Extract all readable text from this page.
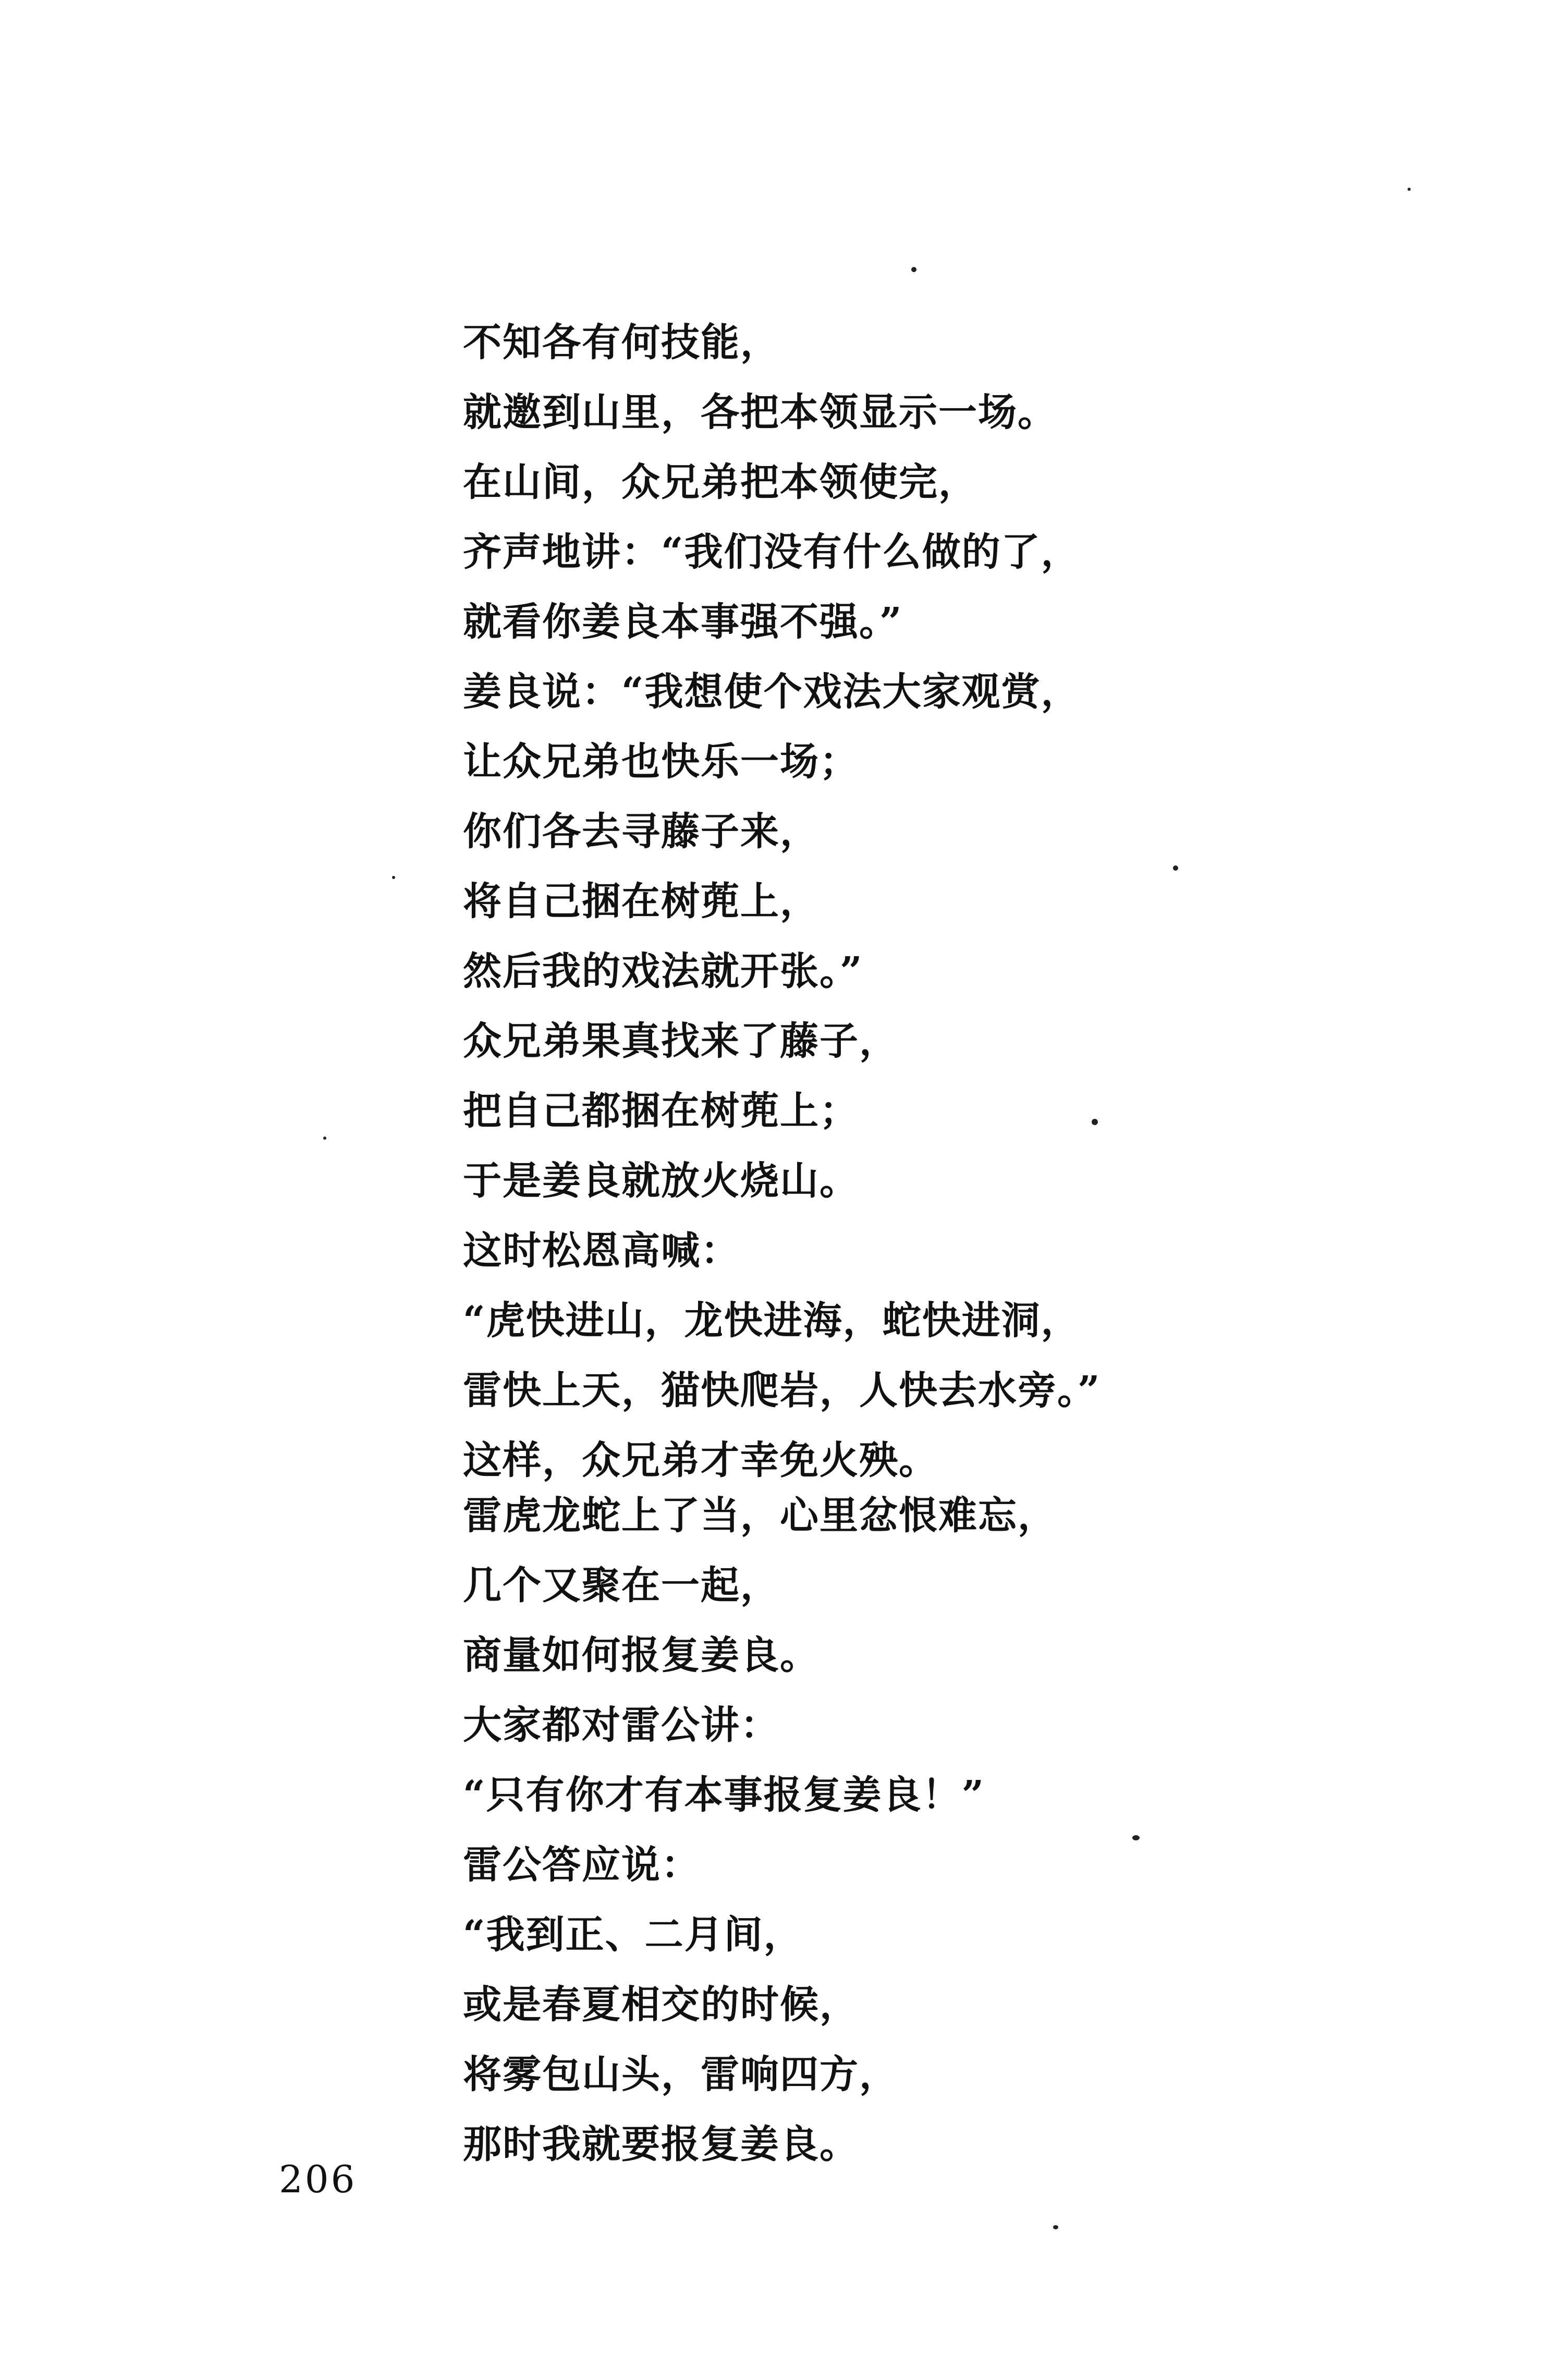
不知各有何技能，
就邀到山里，各把本领显示一场。
在山间，众兄弟把本领使完，
齐声地讲：“我们没有什么做的了，
就看你姜良本事强不强。”
姜良说：“我想使个戏法大家观赏，
让众兄弟也快乐一场；
你们各去寻藤子来，
将自己捆在树蔸上，
然后我的戏法就开张。”
众兄弟果真找来了藤子，
把自己都捆在树蔸上；
于是姜良就放火烧山。
这时松恩高喊：
“虎快进山，龙快进海，蛇快进洞，
雷快上天，猫快爬岩，人快去水旁。”
这样，众兄弟才幸免火殃。
雷虎龙蛇上了当，心里忿恨难忘，
几个又聚在一起，
商量如何报复姜良。
大家都对雷公讲：
“只有你才有本事报复姜良！”
雷公答应说：
“我到正、二月间，
或是春夏相交的时候，
将雾包山头，雷响四方，
那时我就要报复姜良。
206
